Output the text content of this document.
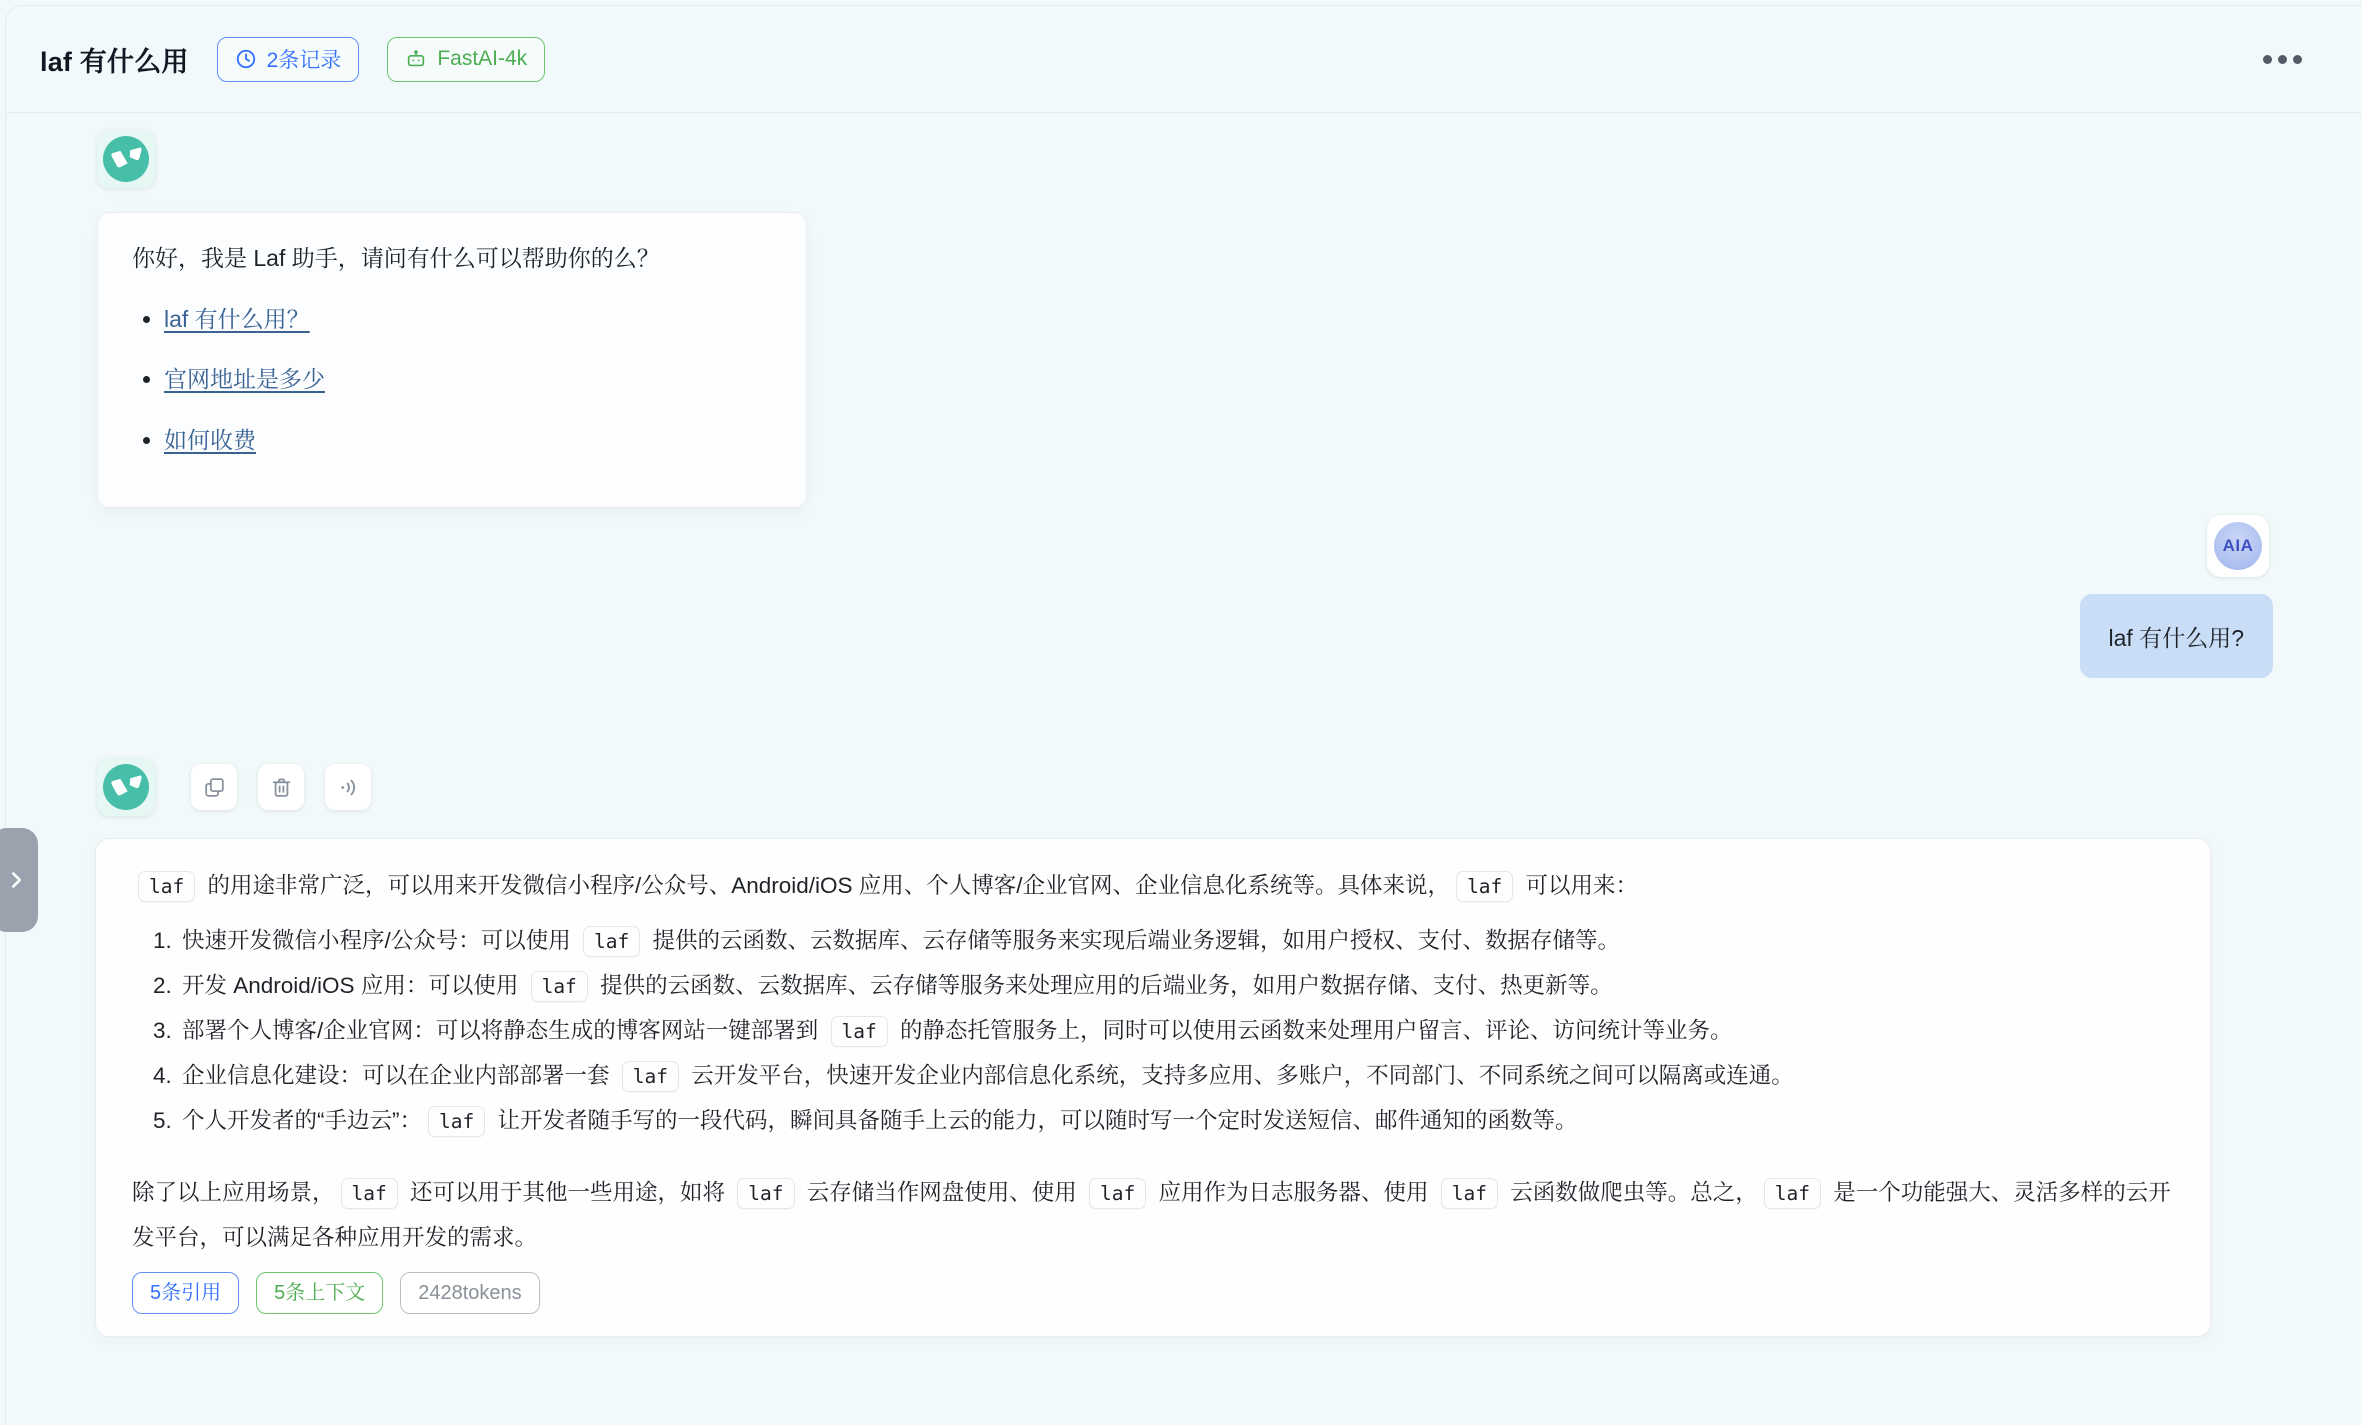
laf 有什么用	2条记录	FastAI-4k

你好，我是 Laf 助手，请问有什么可以帮助你的么？

• laf 有什么用？
• 官网地址是多少
• 如何收费
AIA
laf 有什么用?

laf 的用途非常广泛，可以用来开发微信小程序/公众号、Android/iOS 应用、个人博客/企业官网、企业信息化系统等。具体来说， laf 可以用来：

1. 快速开发微信小程序/公众号：可以使用 laf 提供的云函数、云数据库、云存储等服务来实现后端业务逻辑，如用户授权、支付、数据存储等。
2. 开发 Android/iOS 应用：可以使用 laf 提供的云函数、云数据库、云存储等服务来处理应用的后端业务，如用户数据存储、支付、热更新等。
3. 部署个人博客/企业官网：可以将静态生成的博客网站一键部署到 laf 的静态托管服务上，同时可以使用云函数来处理用户留言、评论、访问统计等业务。
4. 企业信息化建设：可以在企业内部部署一套 laf 云开发平台，快速开发企业内部信息化系统，支持多应用、多账户，不同部门、不同系统之间可以隔离或连通。
5. 个人开发者的“手边云”： laf 让开发者随手写的一段代码，瞬间具备随手上云的能力，可以随时写一个定时发送短信、邮件通知的函数等。

除了以上应用场景， laf 还可以用于其他一些用途，如将 laf 云存储当作网盘使用、使用 laf 应用作为日志服务器、使用 laf 云函数做爬虫等。总之， laf 是一个功能强大、灵活多样的云开发平台，可以满足各种应用开发的需求。

5条引用	5条上下文	2428tokens
